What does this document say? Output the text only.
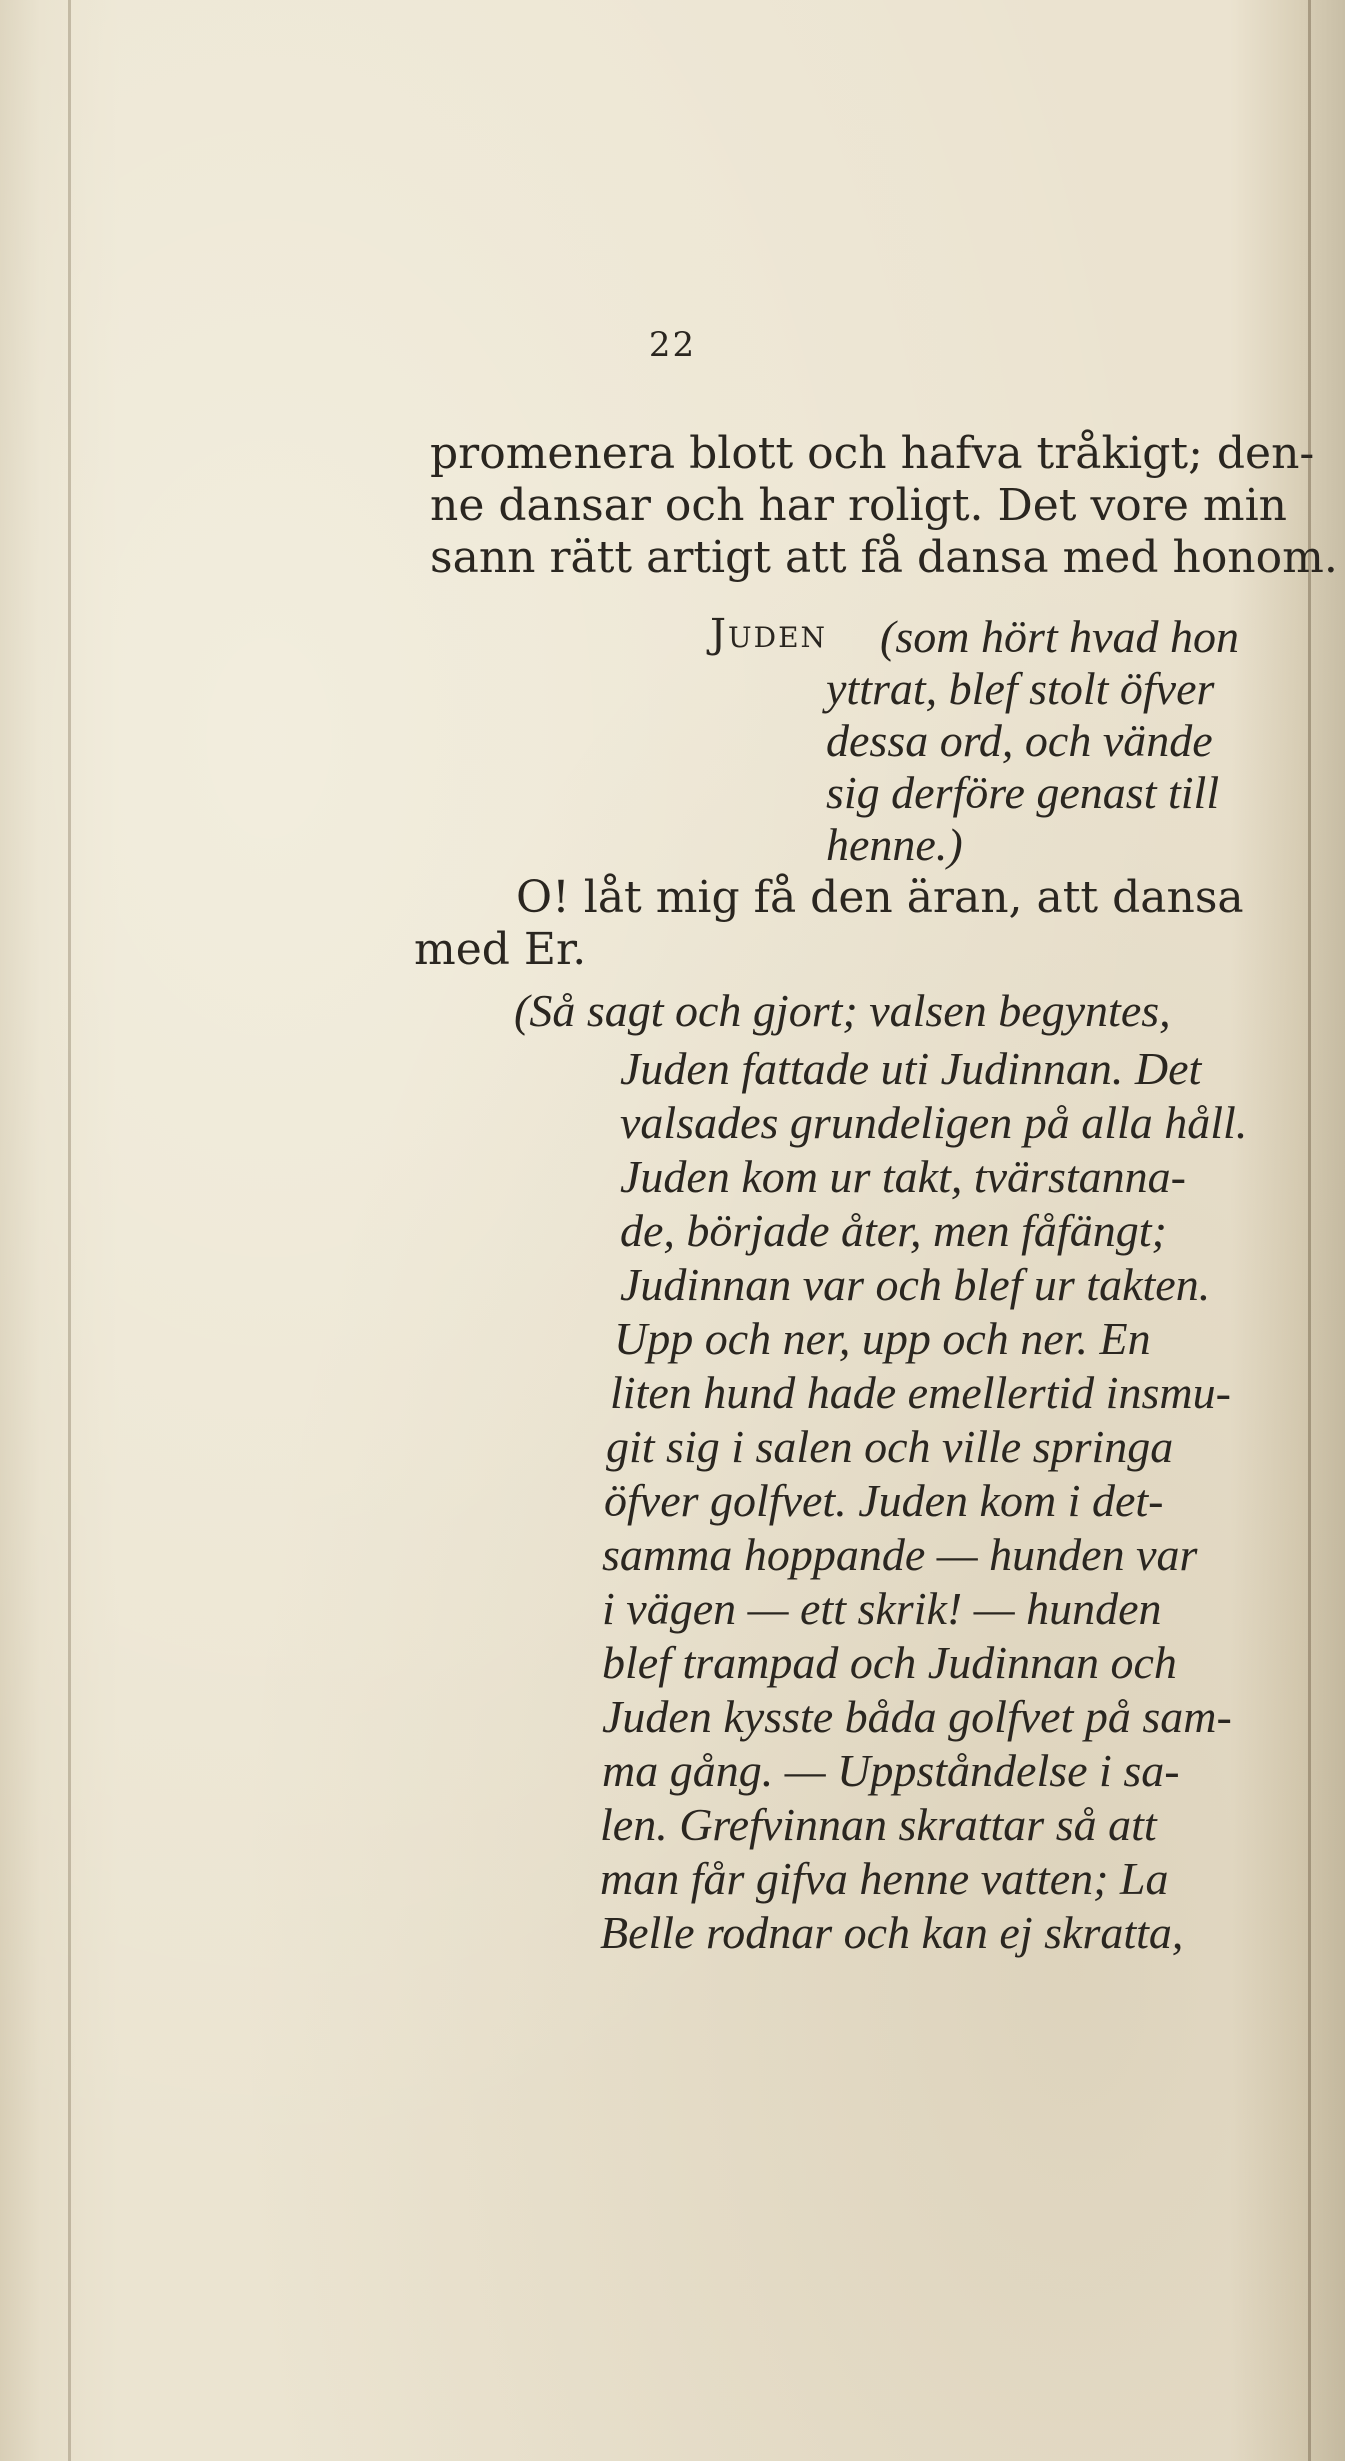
22
promenera blott och hafva tråkigt; den-
ne dansar och har roligt. Det vore min
sann rätt artigt att få dansa med honom.
Juden (som hört hvad hon
yttrat, blef stolt öfver
dessa ord, och vände
sig derföre genast till
henne.)
O! låt mig få den äran, att dansa
med Er.
(Så sagt och gjort; valsen begyntes,
Juden fattade uti Judinnan. Det
valsades grundeligen på alla håll.
Juden kom ur takt, tvärstanna-
de, började åter, men fåfängt;
Judinnan var och blef ur takten.
Upp och ner, upp och ner. En
liten hund hade emellertid insmu-
git sig i salen och ville springa
öfver golfvet. Juden kom i det-
samma hoppande — hunden var
i vägen — ett skrik! — hunden
blef trampad och Judinnan och
Juden kysste båda golfvet på sam-
ma gång. — Uppståndelse i sa-
len. Grefvinnan skrattar så att
man får gifva henne vatten; La
Belle rodnar och kan ej skratta,
